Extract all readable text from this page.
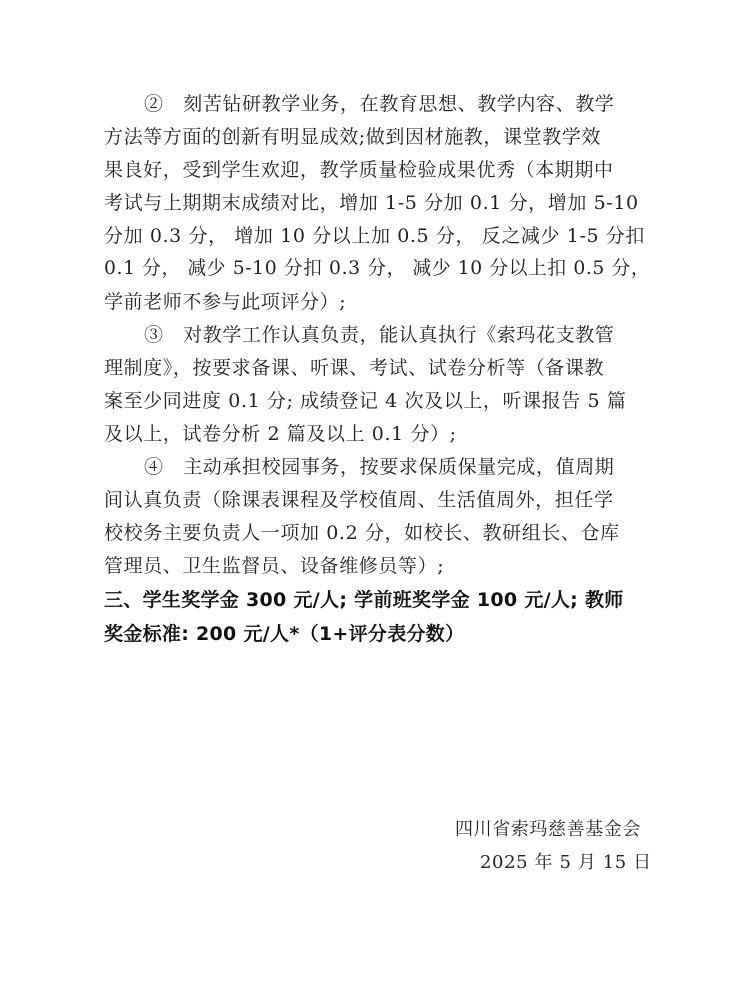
②　刻苦钻研教学业务，在教育思想、教学内容、教学
方法等方面的创新有明显成效;做到因材施教，课堂教学效
果良好，受到学生欢迎，教学质量检验成果优秀（本期期中
考试与上期期末成绩对比，增加 1-5 分加 0.1 分，增加 5-10
分加 0.3 分， 增加 10 分以上加 0.5 分， 反之减少 1-5 分扣
0.1 分， 减少 5-10 分扣 0.3 分， 减少 10 分以上扣 0.5 分，
学前老师不参与此项评分）;
③　对教学工作认真负责，能认真执行《索玛花支教管
理制度》，按要求备课、听课、考试、试卷分析等（备课教
案至少同进度 0.1 分; 成绩登记 4 次及以上，听课报告 5 篇
及以上，试卷分析 2 篇及以上 0.1 分）;
④　主动承担校园事务，按要求保质保量完成，值周期
间认真负责（除课表课程及学校值周、生活值周外，担任学
校校务主要负责人一项加 0.2 分，如校长、教研组长、仓库
管理员、卫生监督员、设备维修员等）;
三、学生奖学金 300 元/人; 学前班奖学金 100 元/人; 教师
奖金标准: 200 元/人*（1+评分表分数）
四川省索玛慈善基金会
2025 年 5 月 15 日
